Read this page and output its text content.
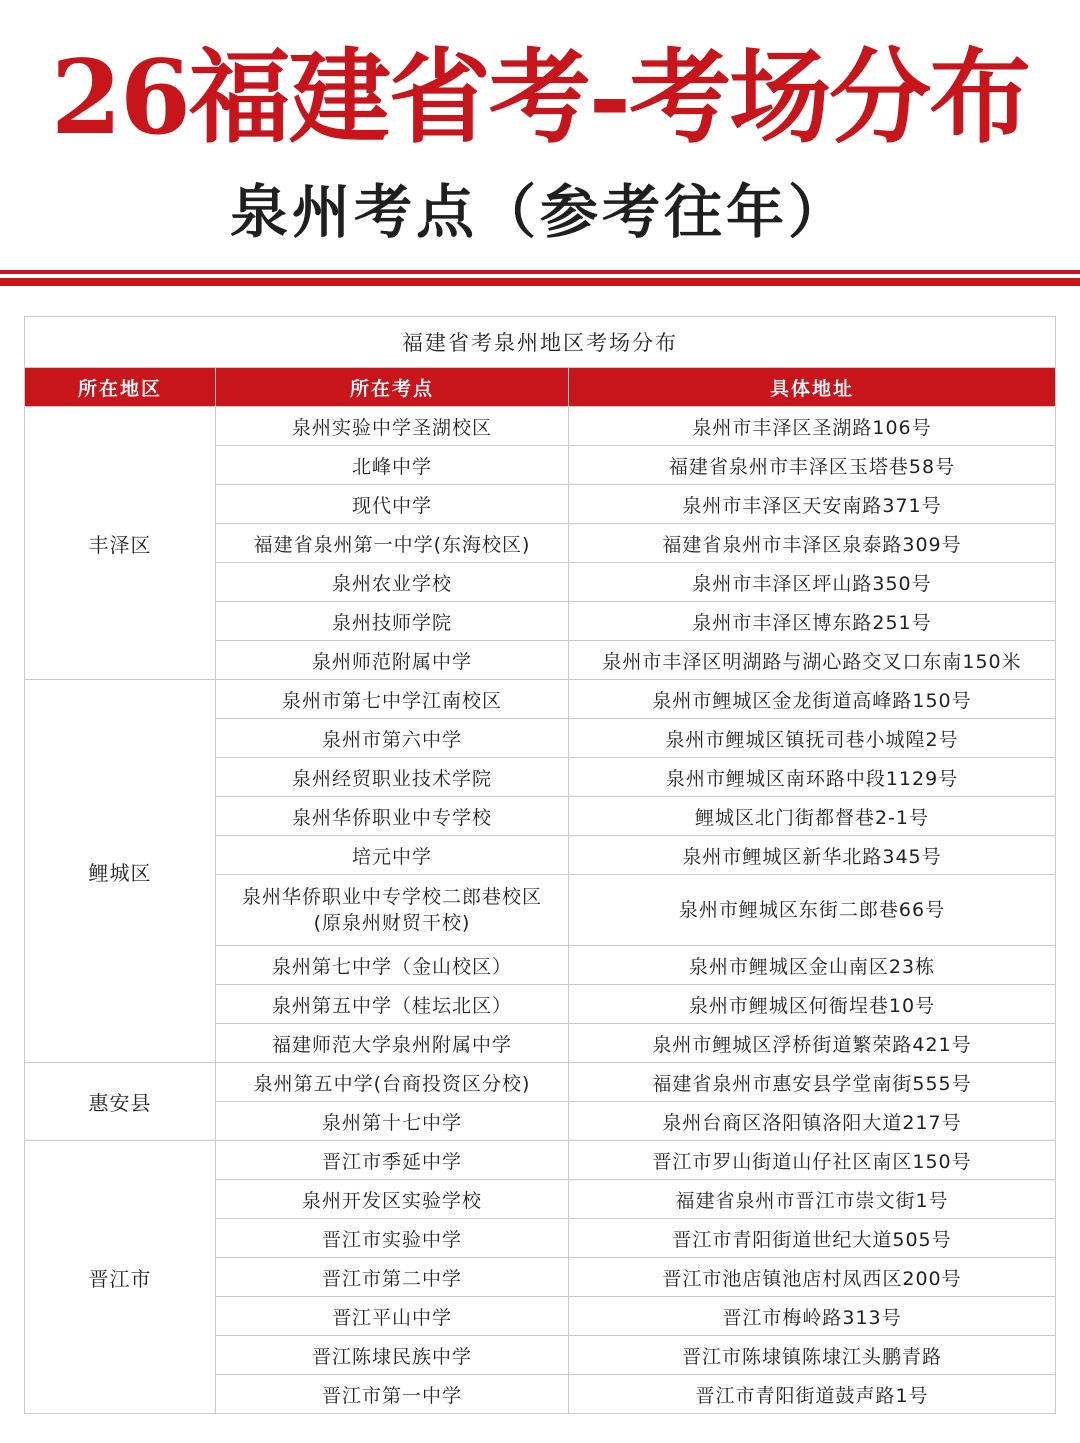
26福建省考-考场分布
泉州考点（参考往年）
福建省考泉州地区考场分布		
所在地区	所在考点	具体地址
丰泽区	泉州实验中学圣湖校区	泉州市丰泽区圣湖路106号

	北峰中学	福建省泉州市丰泽区玉塔巷58号

	现代中学	泉州市丰泽区天安南路371号

	福建省泉州第一中学(东海校区)	福建省泉州市丰泽区泉泰路309号

	泉州农业学校	泉州市丰泽区坪山路350号

	泉州技师学院	泉州市丰泽区博东路251号

	泉州师范附属中学	泉州市丰泽区明湖路与湖心路交叉口东南150米
鲤城区	泉州市第七中学江南校区	泉州市鲤城区金龙街道高峰路150号

	泉州市第六中学	泉州市鲤城区镇抚司巷小城隍2号

	泉州经贸职业技术学院	泉州市鲤城区南环路中段1129号

	泉州华侨职业中专学校	鲤城区北门街都督巷2-1号

	培元中学	泉州市鲤城区新华北路345号

	泉州华侨职业中专学校二郎巷校区
(原泉州财贸干校)	泉州市鲤城区东街二郎巷66号

	泉州第七中学（金山校区）	泉州市鲤城区金山南区23栋

	泉州第五中学（桂坛北区）	泉州市鲤城区何衙埕巷10号

	福建师范大学泉州附属中学	泉州市鲤城区浮桥街道繁荣路421号
惠安县	泉州第五中学(台商投资区分校)	福建省泉州市惠安县学堂南街555号

	泉州第十七中学	泉州台商区洛阳镇洛阳大道217号
晋江市	晋江市季延中学	晋江市罗山街道山仔社区南区150号

	泉州开发区实验学校	福建省泉州市晋江市崇文街1号

	晋江市实验中学	晋江市青阳街道世纪大道505号

	晋江市第二中学	晋江市池店镇池店村凤西区200号

	晋江平山中学	晋江市梅岭路313号

	晋江陈埭民族中学	晋江市陈埭镇陈埭江头鹏青路

	晋江市第一中学	晋江市青阳街道鼓声路1号
